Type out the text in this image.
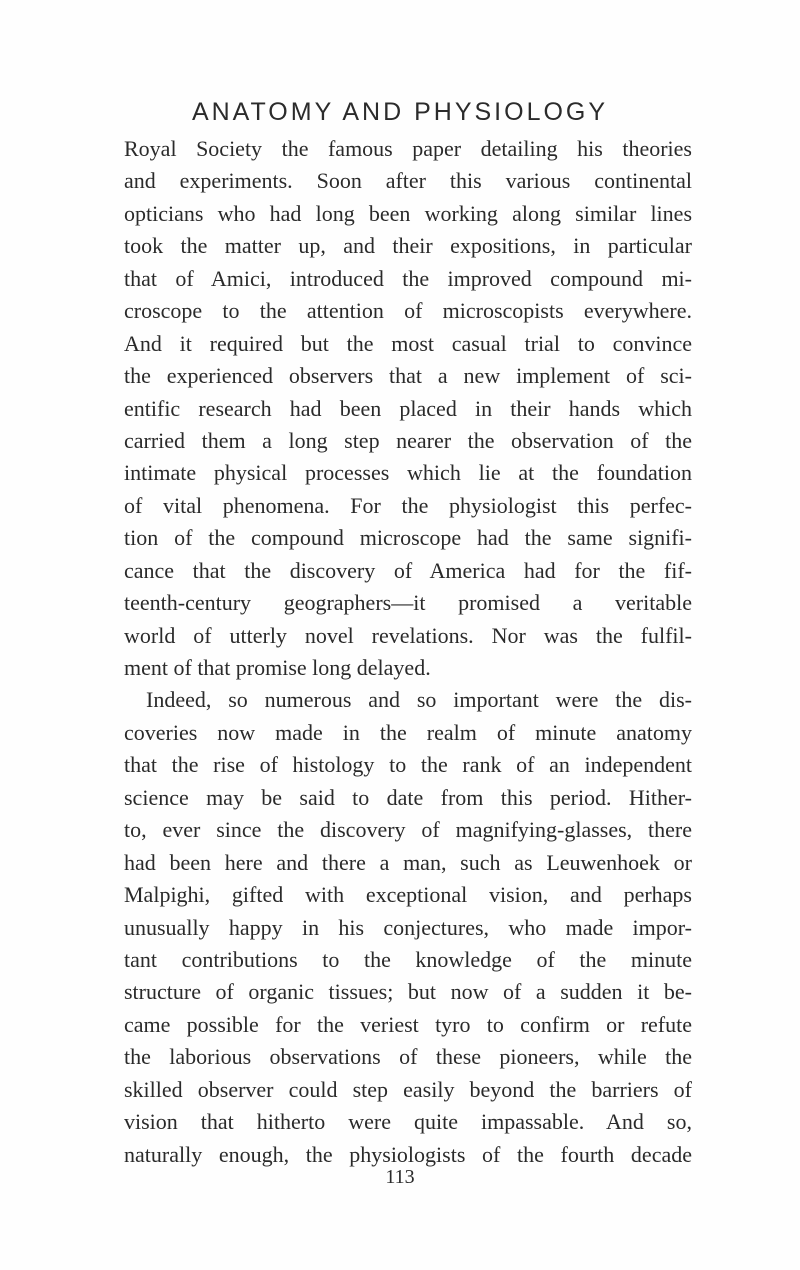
ANATOMY AND PHYSIOLOGY
Royal Society the famous paper detailing his theories
and experiments. Soon after this various continental
opticians who had long been working along similar lines
took the matter up, and their expositions, in particular
that of Amici, introduced the improved compound mi-
croscope to the attention of microscopists everywhere.
And it required but the most casual trial to convince
the experienced observers that a new implement of sci-
entific research had been placed in their hands which
carried them a long step nearer the observation of the
intimate physical processes which lie at the foundation
of vital phenomena. For the physiologist this perfec-
tion of the compound microscope had the same signifi-
cance that the discovery of America had for the fif-
teenth-century geographers—it promised a veritable
world of utterly novel revelations. Nor was the fulfil-
ment of that promise long delayed.
Indeed, so numerous and so important were the dis-
coveries now made in the realm of minute anatomy
that the rise of histology to the rank of an independent
science may be said to date from this period. Hither-
to, ever since the discovery of magnifying-glasses, there
had been here and there a man, such as Leuwenhoek or
Malpighi, gifted with exceptional vision, and perhaps
unusually happy in his conjectures, who made impor-
tant contributions to the knowledge of the minute
structure of organic tissues; but now of a sudden it be-
came possible for the veriest tyro to confirm or refute
the laborious observations of these pioneers, while the
skilled observer could step easily beyond the barriers of
vision that hitherto were quite impassable. And so,
naturally enough, the physiologists of the fourth decade
113
